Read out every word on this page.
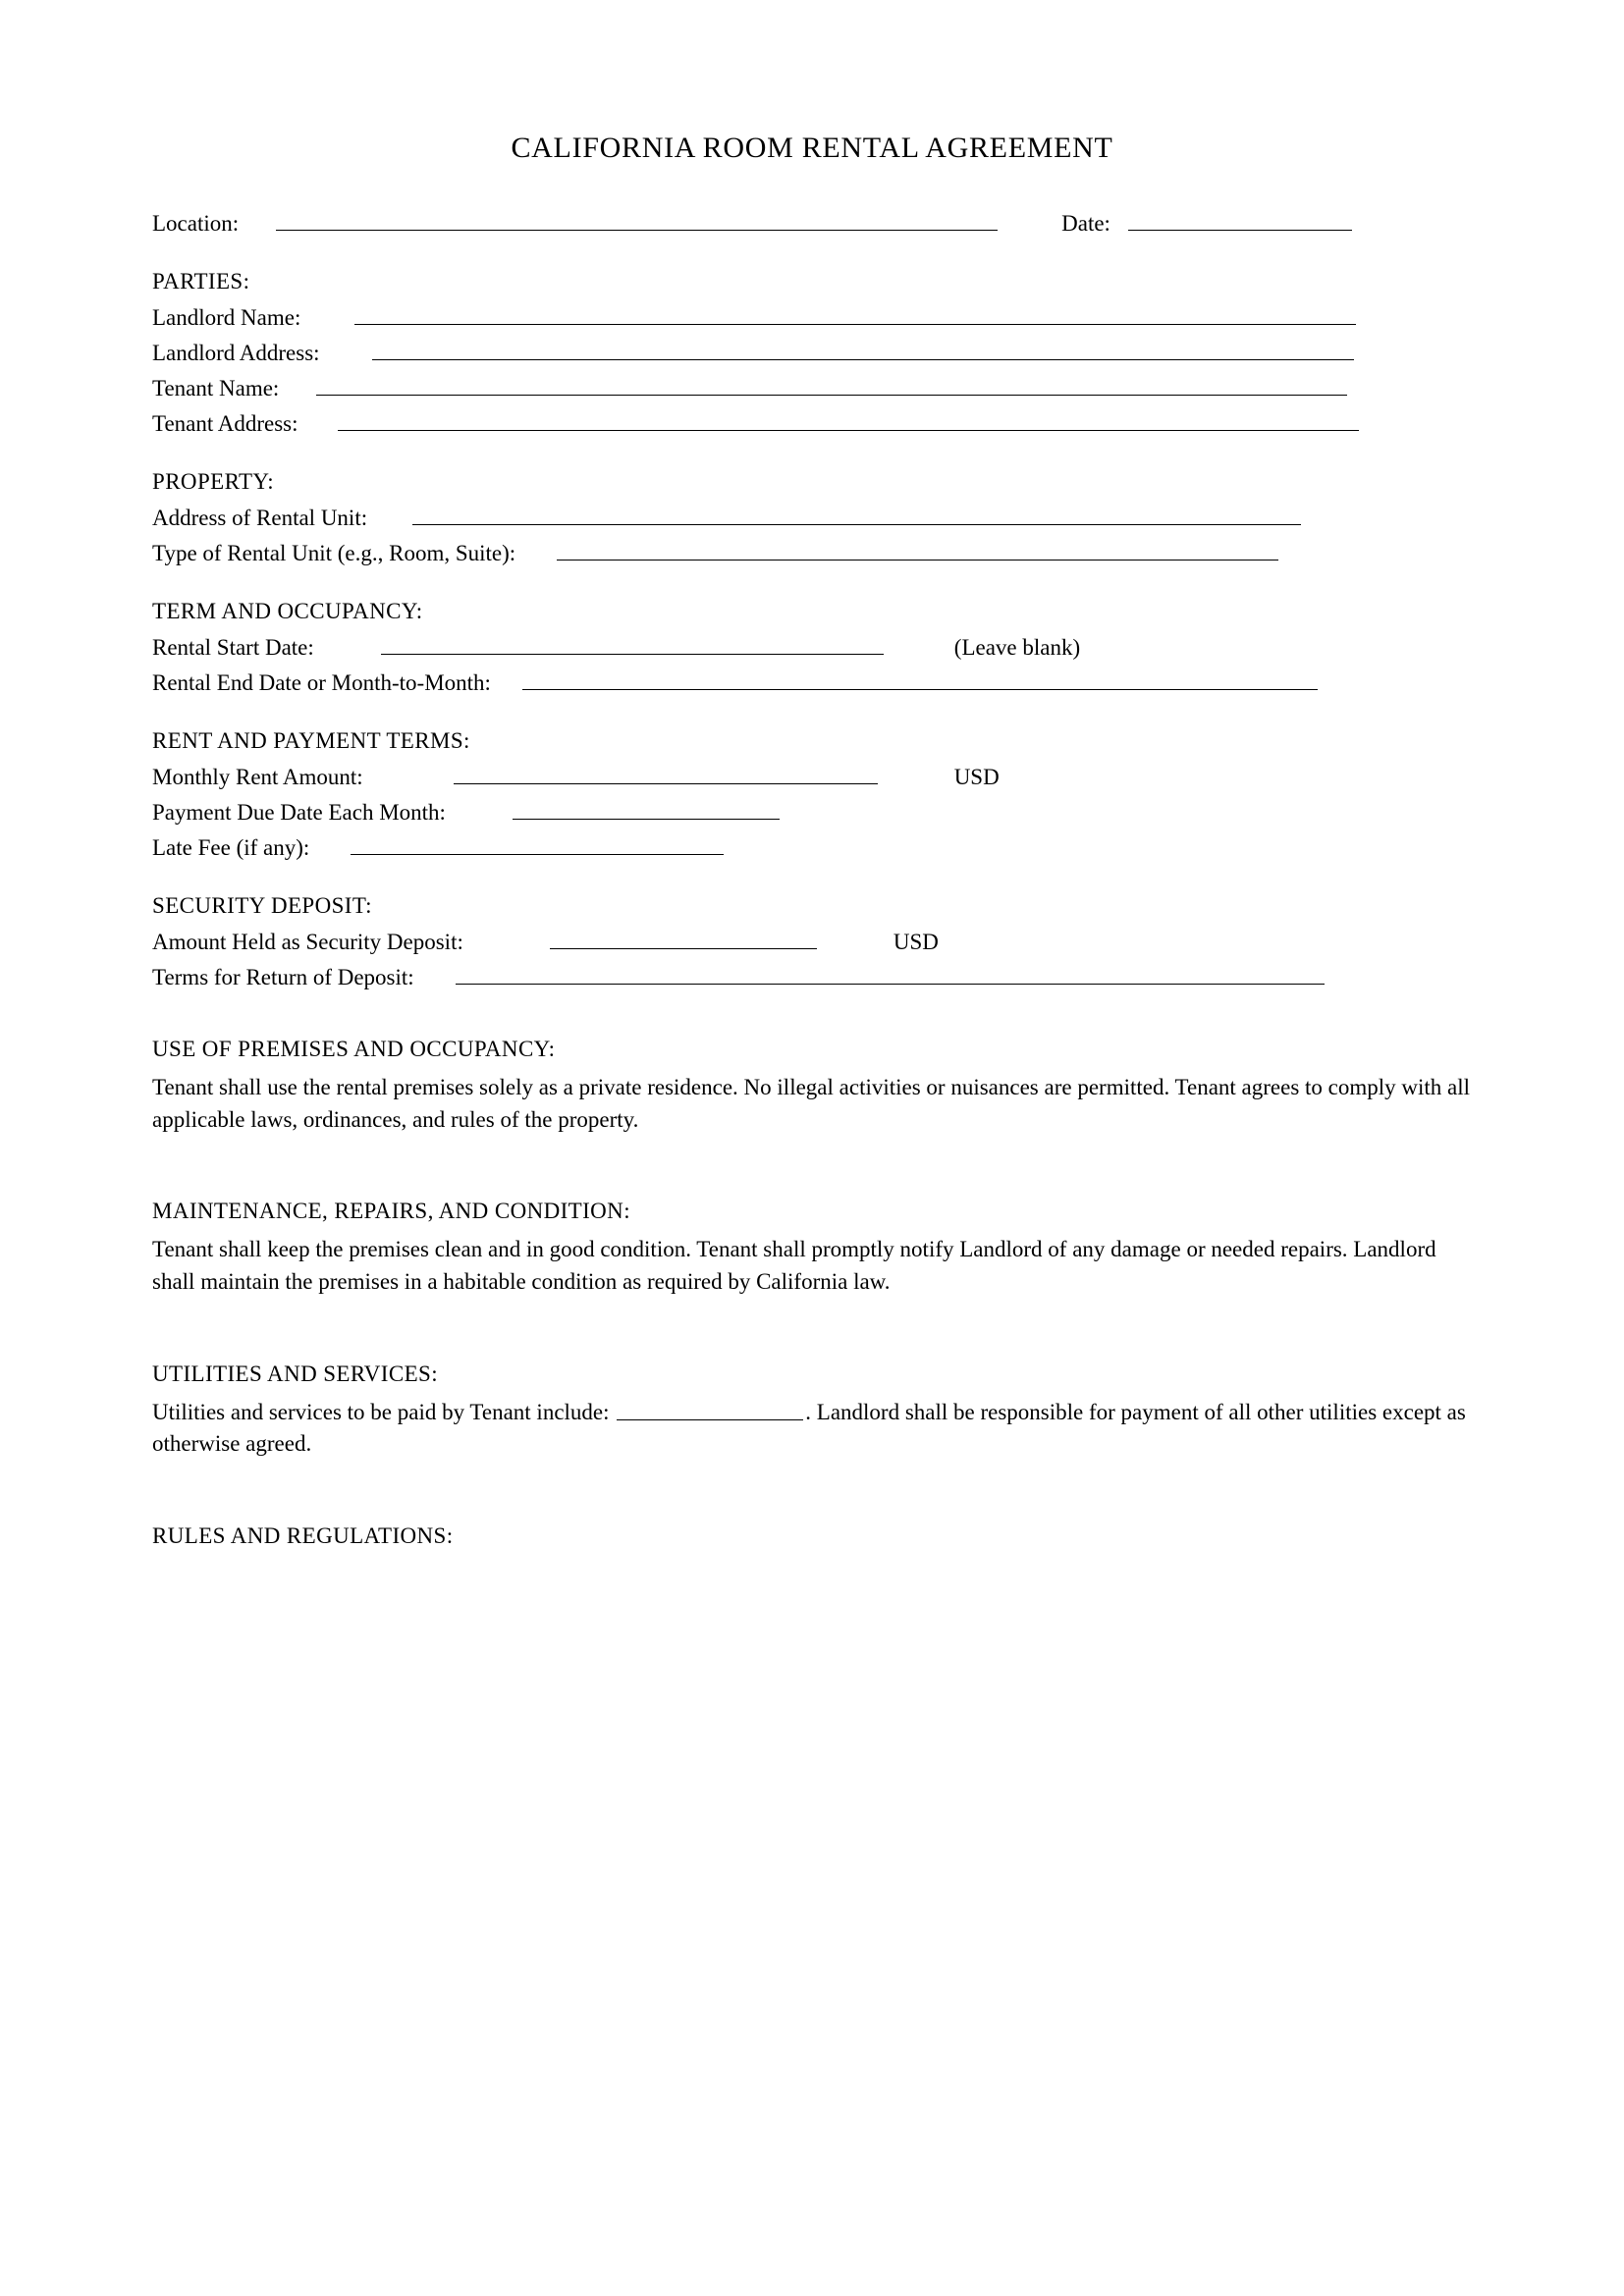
CALIFORNIA ROOM RENTAL AGREEMENT
Location:	Date:
PARTIES:
Landlord Name:
Landlord Address:
Tenant Name:
Tenant Address:
PROPERTY:
Address of Rental Unit:
Type of Rental Unit (e.g., Room, Suite):
TERM AND OCCUPANCY:
Rental Start Date:	(Leave blank)
Rental End Date or Month-to-Month:
RENT AND PAYMENT TERMS:
Monthly Rent Amount:	USD
Payment Due Date Each Month:
Late Fee (if any):
SECURITY DEPOSIT:
Amount Held as Security Deposit:	USD
Terms for Return of Deposit:
USE OF PREMISES AND OCCUPANCY:

Tenant shall use the rental premises solely as a private residence. No illegal activities or nuisances are permitted. Tenant agrees to comply with all applicable laws, ordinances, and rules of the property.

MAINTENANCE, REPAIRS, AND CONDITION:

Tenant shall keep the premises clean and in good condition. Tenant shall promptly notify Landlord of any damage or needed repairs. Landlord shall maintain the premises in a habitable condition as required by California law.

UTILITIES AND SERVICES:

Utilities and services to be paid by Tenant include:	. Landlord shall be responsible for payment of all other utilities except as otherwise agreed.

RULES AND REGULATIONS:
